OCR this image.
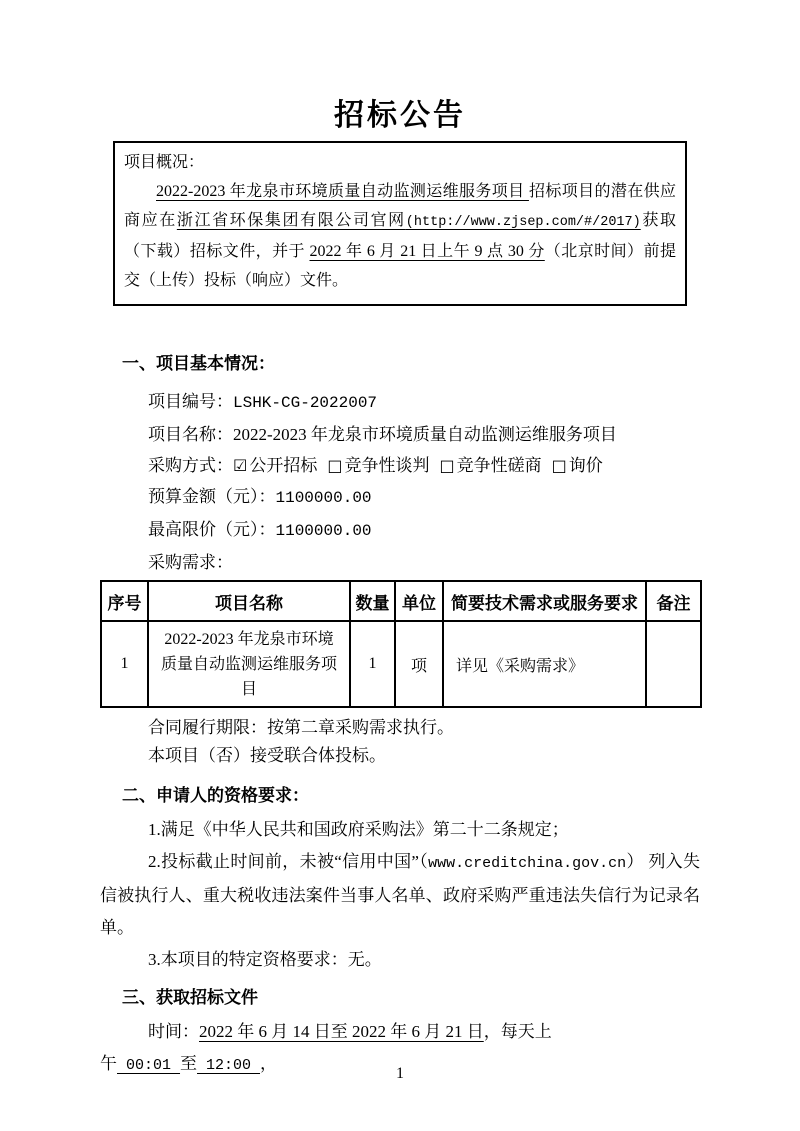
招标公告
项目概况：

2022-2023 年龙泉市环境质量自动监测运维服务项目 招标项目的潜在供应商应在浙江省环保集团有限公司官网(http://www.zjsep.com/#/2017)获取（下载）招标文件，并于 2022 年 6 月 21 日上午 9 点 30 分（北京时间）前提交（上传）投标（响应）文件。

一、项目基本情况：
项目编号：LSHK-CG-2022007
项目名称：2022-2023 年龙泉市环境质量自动监测运维服务项目
采购方式：☑ 公开招标 □ 竞争性谈判 □ 竞争性磋商 □ 询价
预算金额（元）：1100000.00
最高限价（元）：1100000.00
采购需求：
序号	项目名称	数量	单位	简要技术需求或服务要求	备注
1	2022-2023 年龙泉市环境质量自动监测运维服务项目	1	项	详见《采购需求》	
合同履行期限：按第二章采购需求执行。
本项目（否）接受联合体投标。
二、申请人的资格要求：

1.满足《中华人民共和国政府采购法》第二十二条规定；

2.投标截止时间前，未被“信用中国”（www.creditchina.gov.cn） 列入失信被执行人、重大税收违法案件当事人名单、政府采购严重违法失信行为记录名单。

3.本项目的特定资格要求：无。

三、获取招标文件

时间：2022 年 6 月 14 日至 2022 年 6 月 21 日，每天上午 00:01 至 12:00 ，

1
